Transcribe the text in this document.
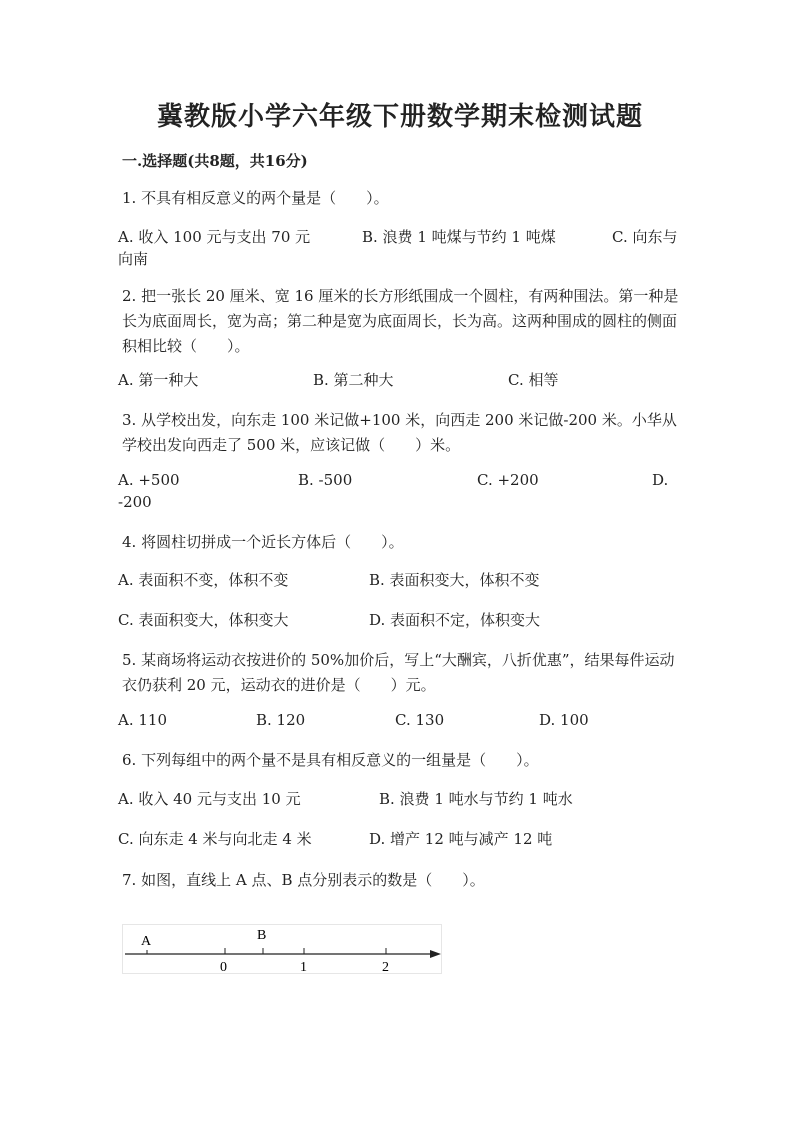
冀教版小学六年级下册数学期末检测试题
一.选择题(共8题，共16分)
1. 不具有相反意义的两个量是（　　）。
A. 收入 100 元与支出 70 元	B. 浪费 1 吨煤与节约 1 吨煤	C. 向东与向南
2. 把一张长 20 厘米、宽 16 厘米的长方形纸围成一个圆柱，有两种围法。第一种是长为底面周长，宽为高；第二种是宽为底面周长，长为高。这两种围成的圆柱的侧面积相比较（　　）。
A. 第一种大	B. 第二种大	C. 相等
3. 从学校出发，向东走 100 米记做+100 米，向西走 200 米记做-200 米。小华从学校出发向西走了 500 米，应该记做（　　）米。
A. +500	B. -500	C. +200	D. -200
4. 将圆柱切拼成一个近长方体后（　　）。
A. 表面积不变，体积不变	B. 表面积变大，体积不变
C. 表面积变大，体积变大	D. 表面积不定，体积变大
5. 某商场将运动衣按进价的 50%加价后，写上“大酬宾，八折优惠”，结果每件运动衣仍获利 20 元，运动衣的进价是（　　）元。
A. 110	B. 120	C. 130	D. 100
6. 下列每组中的两个量不是具有相反意义的一组量是（　　）。
A. 收入 40 元与支出 10 元	B. 浪费 1 吨水与节约 1 吨水
C. 向东走 4 米与向北走 4 米	D. 增产 12 吨与减产 12 吨
7. 如图，直线上 A 点、B 点分别表示的数是（　　）。
A	B
0	1	2
